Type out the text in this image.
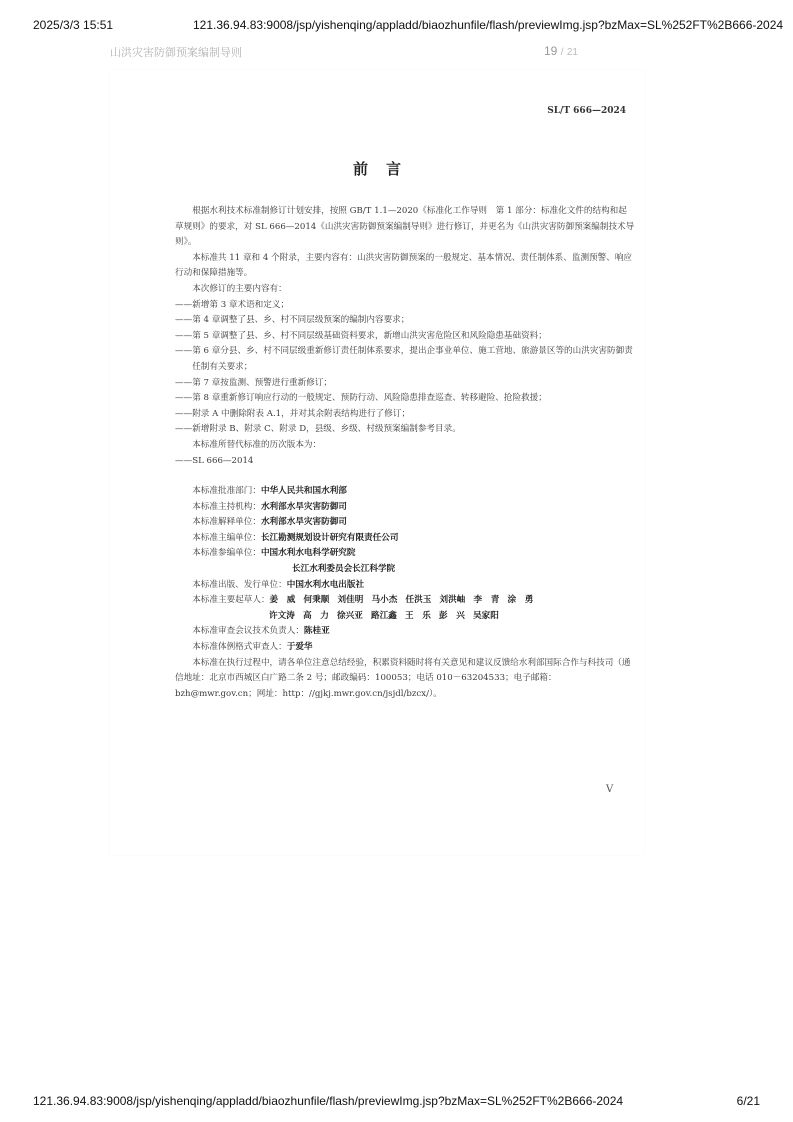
2025/3/3 15:51	121.36.94.83:9008/jsp/yishenqing/appladd/biaozhunfile/flash/previewImg.jsp?bzMax=SL%252FT%2B666-2024
山洪灾害防御预案编制导则	19 / 21
SL/T 666—2024
前言

根据水利技术标准制修订计划安排，按照 GB/T 1.1—2020《标准化工作导则　第 1 部分：标准化文件的结构和起草规则》的要求，对 SL 666—2014《山洪灾害防御预案编制导则》进行修订，并更名为《山洪灾害防御预案编制技术导则》。

本标准共 11 章和 4 个附录，主要内容有：山洪灾害防御预案的一般规定、基本情况、责任制体系、监测预警、响应行动和保障措施等。

本次修订的主要内容有：

——新增第 3 章术语和定义；

——第 4 章调整了县、乡、村不同层级预案的编制内容要求；

——第 5 章调整了县、乡、村不同层级基础资料要求，新增山洪灾害危险区和风险隐患基础资料；

——第 6 章分县、乡、村不同层级重新修订责任制体系要求，提出企事业单位、施工营地、旅游景区等的山洪灾害防御责任制有关要求；

——第 7 章按监测、预警进行重新修订；

——第 8 章重新修订响应行动的一般规定、预防行动、风险隐患排查巡查、转移避险、抢险救援；

——附录 A 中删除附表 A.1，并对其余附表结构进行了修订；

——新增附录 B、附录 C、附录 D，县级、乡级、村级预案编制参考目录。

本标准所替代标准的历次版本为：

——SL 666—2014

本标准批准部门：中华人民共和国水利部

本标准主持机构：水利部水旱灾害防御司

本标准解释单位：水利部水旱灾害防御司

本标准主编单位：长江勘测规划设计研究有限责任公司

本标准参编单位：中国水利水电科学研究院

长江水利委员会长江科学院

本标准出版、发行单位：中国水利水电出版社

本标准主要起草人：姜　威 何秉顺 刘佳明 马小杰 任洪玉 刘洪岫 李　青 涂　勇

许文涛 高　力 徐兴亚 路江鑫 王　乐 彭　兴 吴家阳

本标准审查会议技术负责人：陈桂亚

本标准体例格式审查人：于爱华

本标准在执行过程中，请各单位注意总结经验，积累资料随时将有关意见和建议反馈给水利部国际合作与科技司（通信地址：北京市西城区白广路二条 2 号；邮政编码：100053；电话 010－63204533；电子邮箱：bzh@mwr.gov.cn；网址：http：//gjkj.mwr.gov.cn/jsjdl/bzcx/）。

V
121.36.94.83:9008/jsp/yishenqing/appladd/biaozhunfile/flash/previewImg.jsp?bzMax=SL%252FT%2B666-2024	6/21
